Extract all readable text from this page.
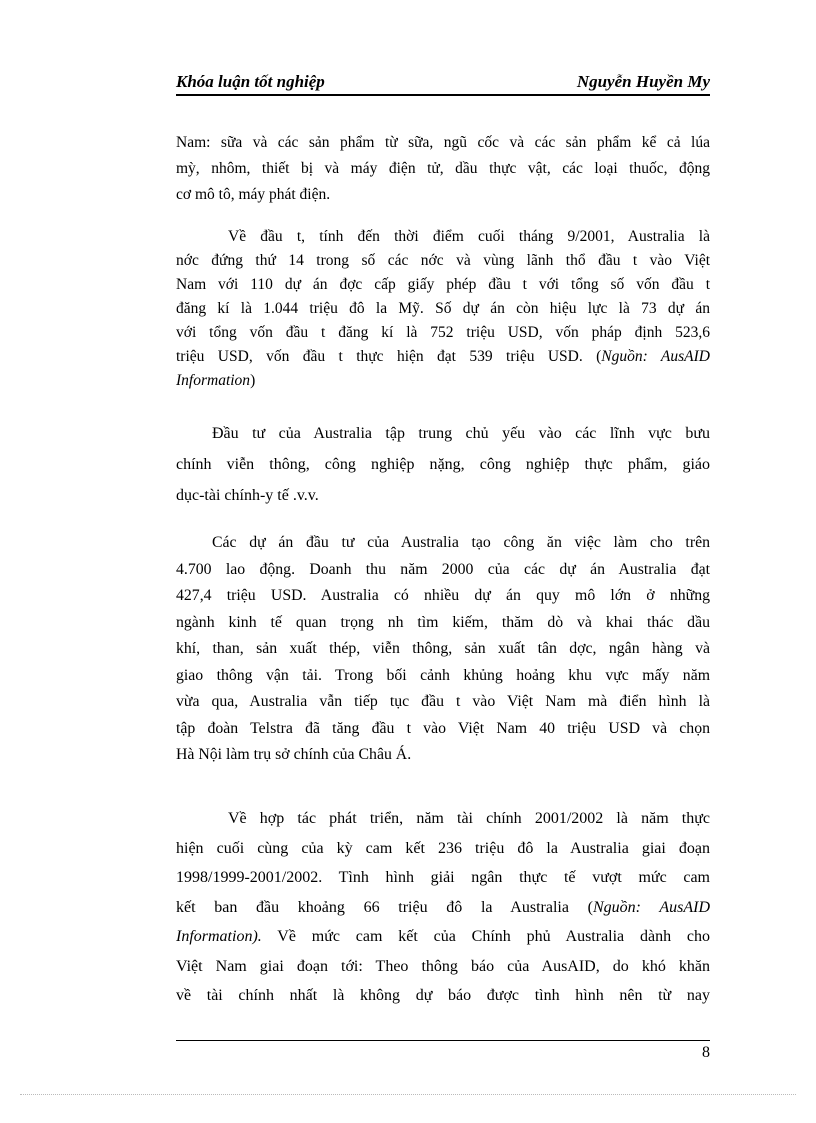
Khóa luận tốt nghiệp	Nguyễn Huyền My
Nam: sữa và các sản phẩm từ sữa, ngũ cốc và các sản phẩm kể cả lúa
mỳ, nhôm, thiết bị và máy điện tử, dầu thực vật, các loại thuốc, động
cơ mô tô, máy phát điện.
Về đầu t, tính đến thời điểm cuối tháng 9/2001, Australia là
nớc đứng thứ 14 trong số các nớc và vùng lãnh thổ đầu t vào Việt
Nam với 110 dự án đợc cấp giấy phép đầu t với tổng số vốn đầu t
đăng kí là 1.044 triệu đô la Mỹ. Số dự án còn hiệu lực là 73 dự án
với tổng vốn đầu t đăng kí là 752 triệu USD, vốn pháp định 523,6
triệu USD, vốn đầu t thực hiện đạt 539 triệu USD. (Nguồn: AusAID
Information)
Đầu tư của Australia tập trung chủ yếu vào các lĩnh vực bưu
chính viễn thông, công nghiệp nặng, công nghiệp thực phẩm, giáo
dục-tài chính-y tế .v.v.
Các dự án đầu tư của Australia tạo công ăn việc làm cho trên
4.700 lao động. Doanh thu năm 2000 của các dự án Australia đạt
427,4 triệu USD. Australia có nhiều dự án quy mô lớn ở những
ngành kinh tế quan trọng nh tìm kiếm, thăm dò và khai thác dầu
khí, than, sản xuất thép, viễn thông, sản xuất tân dợc, ngân hàng và
giao thông vận tải. Trong bối cảnh khủng hoảng khu vực mấy năm
vừa qua, Australia vẫn tiếp tục đầu t vào Việt Nam mà điển hình là
tập đoàn Telstra đã tăng đầu t vào Việt Nam 40 triệu USD và chọn
Hà Nội làm trụ sở chính của Châu Á.
Về hợp tác phát triển, năm tài chính 2001/2002 là năm thực
hiện cuối cùng của kỳ cam kết 236 triệu đô la Australia giai đoạn
1998/1999-2001/2002. Tình hình giải ngân thực tế vượt mức cam
kết ban đầu khoảng 66 triệu đô la Australia (Nguồn: AusAID
Information). Về mức cam kết của Chính phủ Australia dành cho
Việt Nam giai đoạn tới: Theo thông báo của AusAID, do khó khăn
về tài chính nhất là không dự báo được tình hình nên từ nay
8
